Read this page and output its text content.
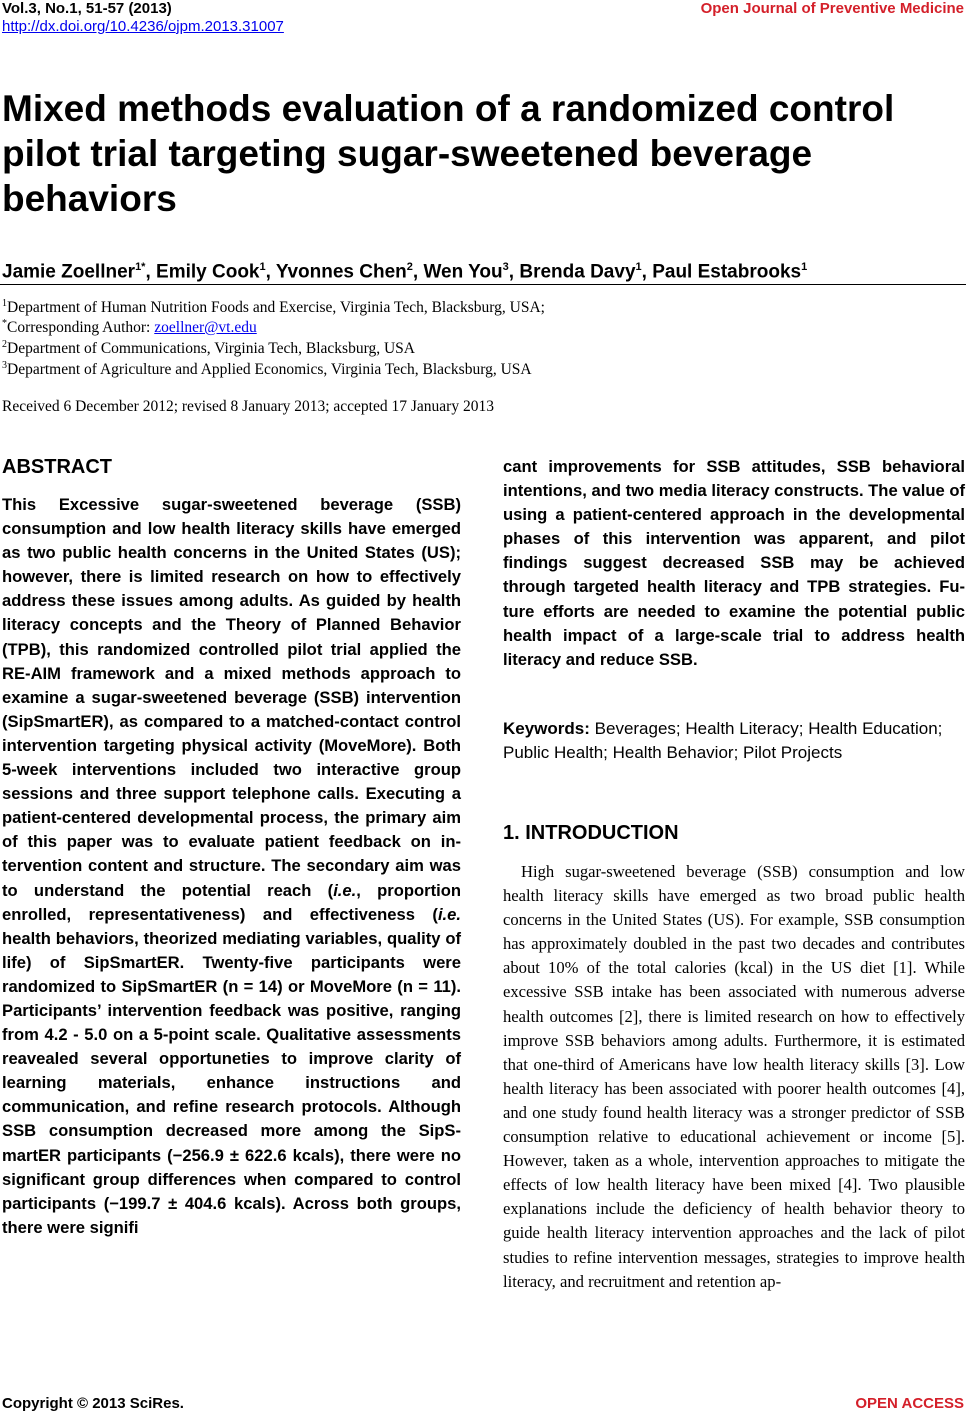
Vol.3, No.1, 51-57 (2013)
http://dx.doi.org/10.4236/ojpm.2013.31007
Open Journal of Preventive Medicine
Mixed methods evaluation of a randomized control pilot trial targeting sugar-sweetened beverage behaviors

Jamie Zoellner$^{1*}$, Emily Cook$^1$, Yvonnes Chen$^2$, Wen You$^3$, Brenda Davy$^1$, Paul Estabrooks$^1$

$^1$Department of Human Nutrition Foods and Exercise, Virginia Tech, Blacksburg, USA;
*Corresponding Author: zoellner@vt.edu
$^2$Department of Communications, Virginia Tech, Blacksburg, USA
$^3$Department of Agriculture and Applied Economics, Virginia Tech, Blacksburg, USA
Received 6 December 2012; revised 8 January 2013; accepted 17 January 2013
ABSTRACT

This Excessive sugar-sweetened beverage (SSB) consumption and low health literacy skills have emerged as two public health concerns in the United States (US); however, there is limited research on how to effectively address these issues among adults. As guided by health literacy concepts and the Theory of Planned Behavior (TPB), this randomized controlled pilot trial applied the RE-AIM framework and a mixed methods approach to examine a sugar-sweetened beverage (SSB) intervention (SipSmartER), as compared to a matched-contact control intervention targeting physical activity (MoveMore). Both 5-week interventions included two interactive group sessions and three support telephone calls. Executing a patient-centered developmental process, the primary aim of this paper was to evaluate patient feedback on intervention content and structure. The secondary aim was to understand the potential reach (i.e., proportion enrolled, representativeness) and effectiveness (i.e. health behaviors, theorized mediating variables, quality of life) of SipSmartER. Twenty-five participants were randomized to SipSmartER (n = 14) or MoveMore (n = 11). Participants’ intervention feedback was positive, ranging from 4.2 - 5.0 on a 5-point scale. Qualitative assessments reavealed several opportuneties to improve clarity of learning materials, enhance instructions and communication, and refine research protocols. Although SSB consumption decreased more among the SipSmartER participants (−256.9 ± 622.6 kcals), there were no significant group differences when compared to control participants (−199.7 ± 404.6 kcals). Across both groups, there were signifi

cant improvements for SSB attitudes, SSB behavioral intentions, and two media literacy constructs. The value of using a patient-centered approach in the developmental phases of this intervention was apparent, and pilot findings suggest decreased SSB may be achieved through targeted health literacy and TPB strategies. Future efforts are needed to examine the potential public health impact of a large-scale trial to address health literacy and reduce SSB.

Keywords: Beverages; Health Literacy; Health Education; Public Health; Health Behavior; Pilot Projects

1. INTRODUCTION

High sugar-sweetened beverage (SSB) consumption and low health literacy skills have emerged as two broad public health concerns in the United States (US). For example, SSB consumption has approximately doubled in the past two decades and contributes about 10% of the total calories (kcal) in the US diet [1]. While excessive SSB intake has been associated with numerous adverse health outcomes [2], there is limited research on how to effectively improve SSB behaviors among adults. Furthermore, it is estimated that one-third of Americans have low health literacy skills [3]. Low health literacy has been associated with poorer health outcomes [4], and one study found health literacy was a stronger predictor of SSB consumption relative to educational achievement or income [5]. However, taken as a whole, intervention approaches to mitigate the effects of low health literacy have been mixed [4]. Two plausible explanations include the deficiency of health behavior theory to guide health literacy intervention approaches and the lack of pilot studies to refine intervention messages, strategies to improve health literacy, and recruitment and retention ap-

Copyright © 2013 SciRes.	OPEN ACCESS
